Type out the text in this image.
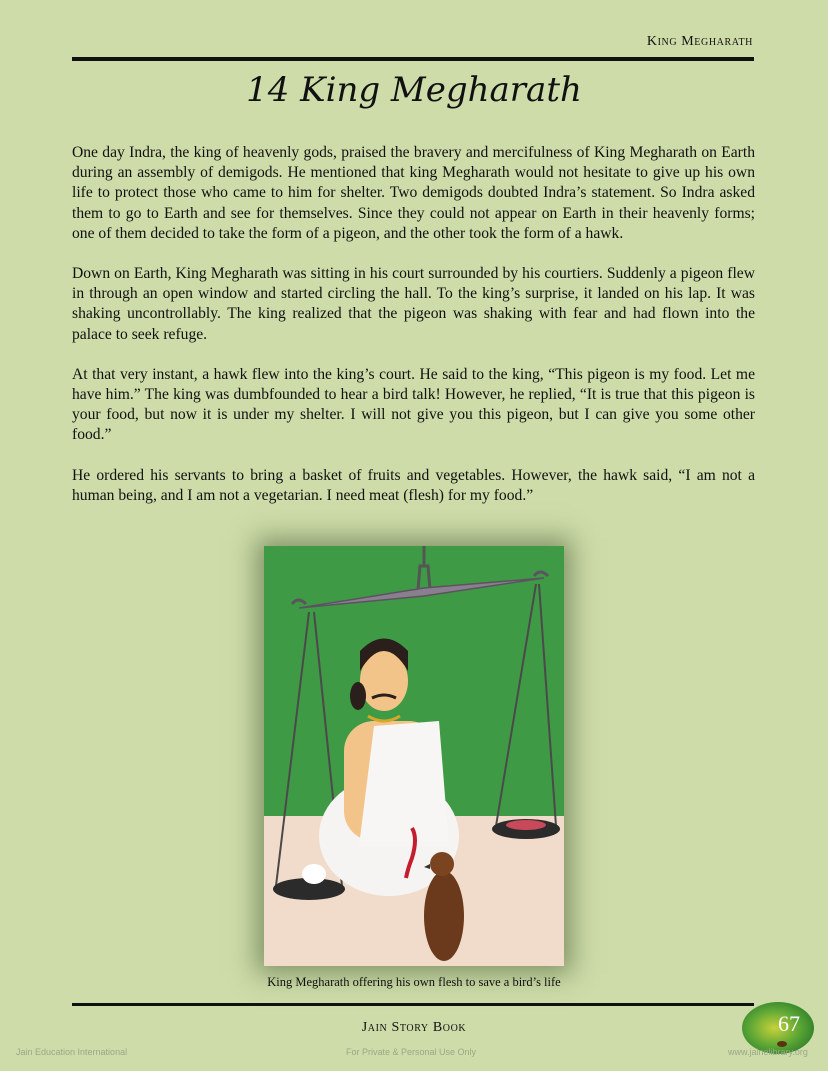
King Megharath
14 King Megharath

One day Indra, the king of heavenly gods, praised the bravery and mercifulness of King Megharath on Earth during an assembly of demigods. He mentioned that king Megharath would not hesitate to give up his own life to protect those who came to him for shelter. Two demigods doubted Indra’s statement. So Indra asked them to go to Earth and see for themselves. Since they could not appear on Earth in their heavenly forms; one of them decided to take the form of a pigeon, and the other took the form of a hawk.

Down on Earth, King Megharath was sitting in his court surrounded by his courtiers. Suddenly a pigeon flew in through an open window and started circling the hall. To the king’s surprise, it landed on his lap. It was shaking uncontrollably. The king realized that the pigeon was shaking with fear and had flown into the palace to seek refuge.

At that very instant, a hawk flew into the king’s court. He said to the king, “This pigeon is my food. Let me have him.” The king was dumbfounded to hear a bird talk! However, he replied, “It is true that this pigeon is your food, but now it is under my shelter. I will not give you this pigeon, but I can give you some other food.”

He ordered his servants to bring a basket of fruits and vegetables. However, the hawk said, “I am not a human being, and I am not a vegetarian. I need meat (flesh) for my food.”

King Megharath offering his own flesh to save a bird’s life
Jain Story Book	67
Jain Education International	For Private & Personal Use Only	www.jainelibrary.org
